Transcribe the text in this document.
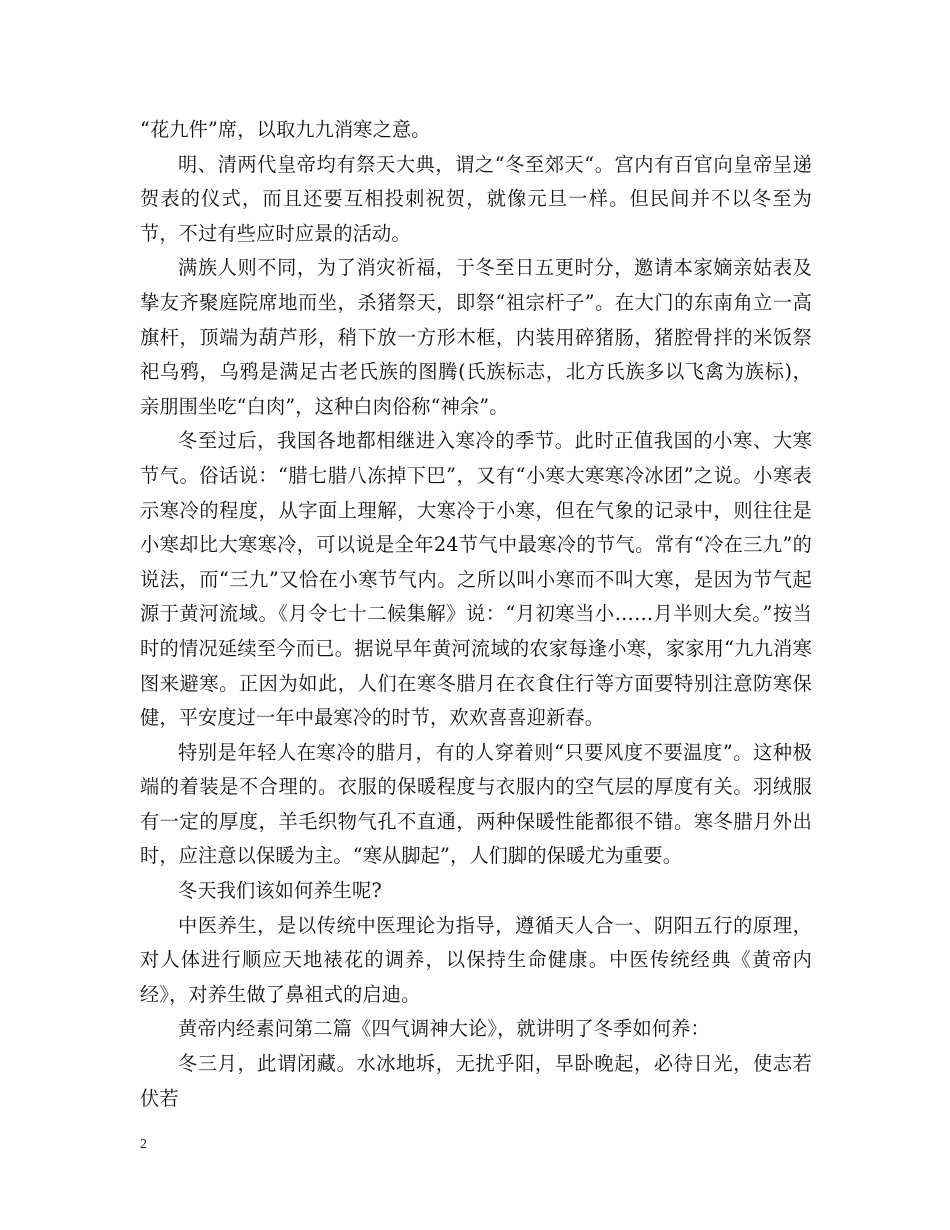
“花九件”席，以取九九消寒之意。

明、清两代皇帝均有祭天大典，谓之“冬至郊天“。宫内有百官向皇帝呈递贺表的仪式，而且还要互相投刺祝贺，就像元旦一样。但民间并不以冬至为节，不过有些应时应景的活动。

满族人则不同，为了消灾祈福，于冬至日五更时分，邀请本家嫡亲姑表及挚友齐聚庭院席地而坐，杀猪祭天，即祭“祖宗杆子”。在大门的东南角立一高旗杆，顶端为葫芦形，稍下放一方形木框，内装用碎猪肠，猪腔骨拌的米饭祭祀乌鸦，乌鸦是满足古老氏族的图腾(氏族标志，北方氏族多以飞禽为族标)，亲朋围坐吃“白肉”，这种白肉俗称“神余”。

冬至过后，我国各地都相继进入寒冷的季节。此时正值我国的小寒、大寒节气。俗话说：“腊七腊八冻掉下巴”，又有“小寒大寒寒冷冰团”之说。小寒表示寒冷的程度，从字面上理解，大寒冷于小寒，但在气象的记录中，则往往是小寒却比大寒寒冷，可以说是全年24节气中最寒冷的节气。常有“冷在三九”的说法，而“三九”又恰在小寒节气内。之所以叫小寒而不叫大寒，是因为节气起源于黄河流域。《月令七十二候集解》说：“月初寒当小……月半则大矣。”按当时的情况延续至今而已。据说早年黄河流域的农家每逢小寒，家家用“九九消寒图来避寒。正因为如此，人们在寒冬腊月在衣食住行等方面要特别注意防寒保健，平安度过一年中最寒冷的时节，欢欢喜喜迎新春。

特别是年轻人在寒冷的腊月，有的人穿着则“只要风度不要温度”。这种极端的着装是不合理的。衣服的保暖程度与衣服内的空气层的厚度有关。羽绒服有一定的厚度，羊毛织物气孔不直通，两种保暖性能都很不错。寒冬腊月外出时，应注意以保暖为主。“寒从脚起”，人们脚的保暖尤为重要。

冬天我们该如何养生呢?

中医养生，是以传统中医理论为指导，遵循天人合一、阴阳五行的原理，对人体进行顺应天地裱花的调养，以保持生命健康。中医传统经典《黄帝内经》，对养生做了鼻祖式的启迪。

黄帝内经素问第二篇《四气调神大论》，就讲明了冬季如何养：

冬三月，此谓闭藏。水冰地坼，无扰乎阳，早卧晚起，必待日光，使志若伏若

2
